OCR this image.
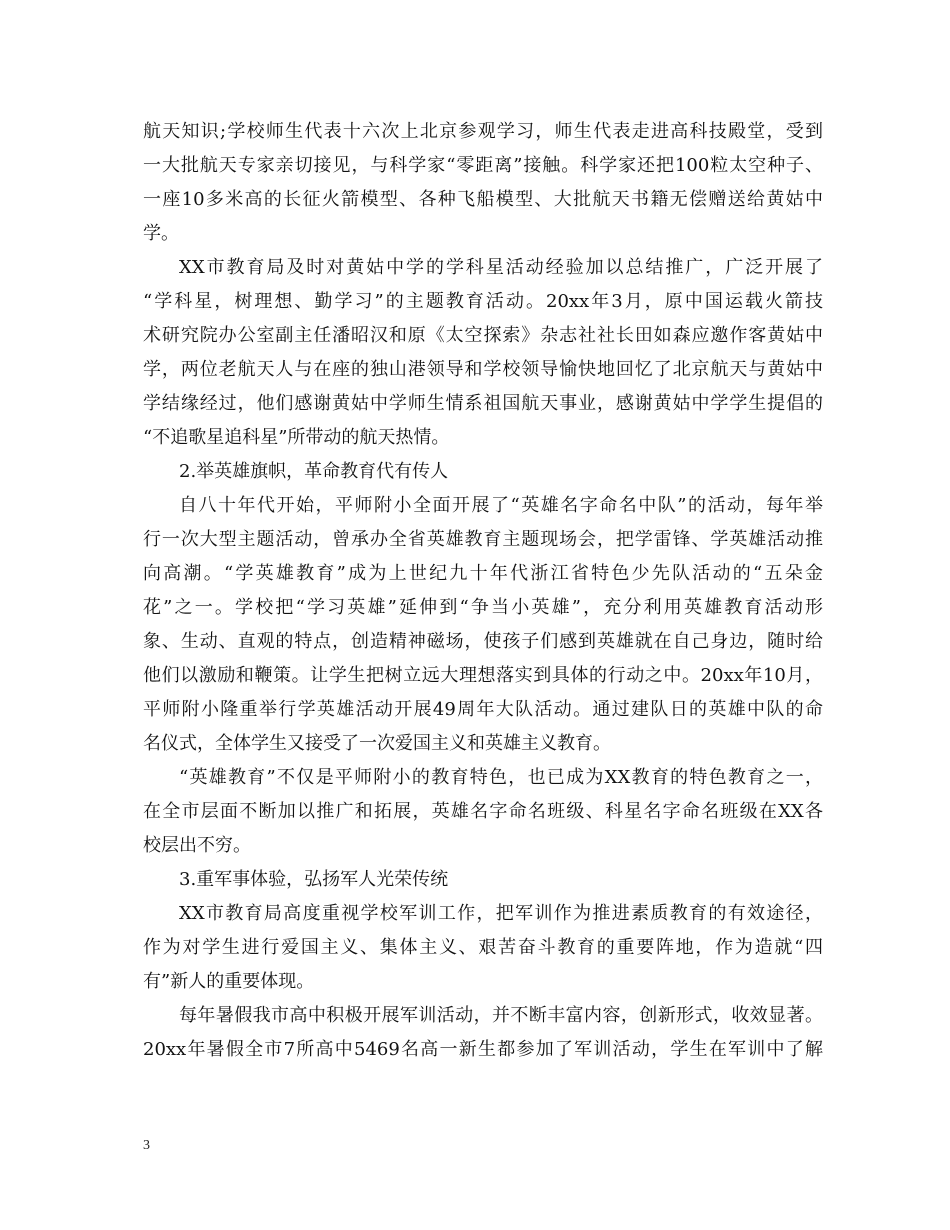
航天知识;学校师生代表十六次上北京参观学习，师生代表走进高科技殿堂，受到
一大批航天专家亲切接见，与科学家“零距离”接触。科学家还把100粒太空种子、
一座10多米高的长征火箭模型、各种飞船模型、大批航天书籍无偿赠送给黄姑中
学。
XX市教育局及时对黄姑中学的学科星活动经验加以总结推广，广泛开展了
“学科星，树理想、勤学习”的主题教育活动。20xx年3月，原中国运载火箭技
术研究院办公室副主任潘昭汉和原《太空探索》杂志社社长田如森应邀作客黄姑中
学，两位老航天人与在座的独山港领导和学校领导愉快地回忆了北京航天与黄姑中
学结缘经过，他们感谢黄姑中学师生情系祖国航天事业，感谢黄姑中学学生提倡的
“不追歌星追科星”所带动的航天热情。
2.举英雄旗帜，革命教育代有传人
自八十年代开始，平师附小全面开展了“英雄名字命名中队”的活动，每年举
行一次大型主题活动，曾承办全省英雄教育主题现场会，把学雷锋、学英雄活动推
向高潮。“学英雄教育”成为上世纪九十年代浙江省特色少先队活动的“五朵金
花”之一。学校把“学习英雄”延伸到“争当小英雄”，充分利用英雄教育活动形
象、生动、直观的特点，创造精神磁场，使孩子们感到英雄就在自己身边，随时给
他们以激励和鞭策。让学生把树立远大理想落实到具体的行动之中。20xx年10月，
平师附小隆重举行学英雄活动开展49周年大队活动。通过建队日的英雄中队的命
名仪式，全体学生又接受了一次爱国主义和英雄主义教育。
“英雄教育”不仅是平师附小的教育特色，也已成为XX教育的特色教育之一，
在全市层面不断加以推广和拓展，英雄名字命名班级、科星名字命名班级在XX各
校层出不穷。
3.重军事体验，弘扬军人光荣传统
XX市教育局高度重视学校军训工作，把军训作为推进素质教育的有效途径，
作为对学生进行爱国主义、集体主义、艰苦奋斗教育的重要阵地，作为造就“四
有”新人的重要体现。
每年暑假我市高中积极开展军训活动，并不断丰富内容，创新形式，收效显著。
20xx年暑假全市7所高中5469名高一新生都参加了军训活动，学生在军训中了解
3
